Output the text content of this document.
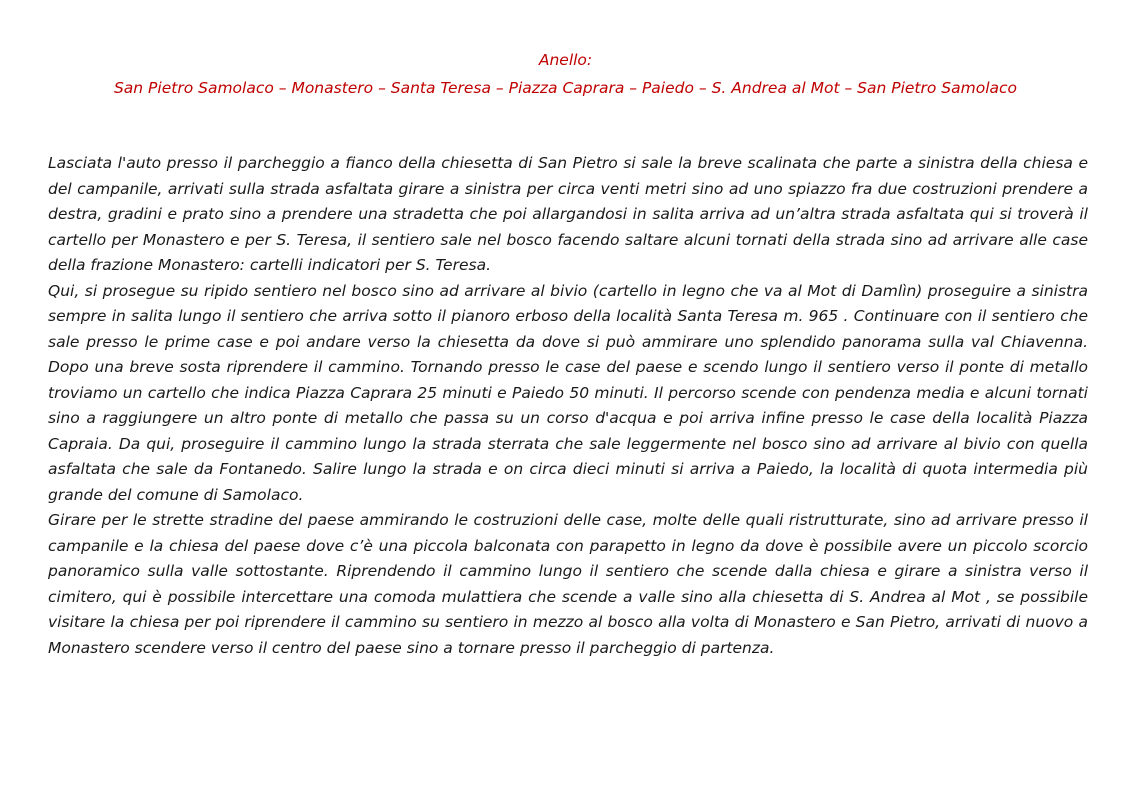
Anello:
San Pietro Samolaco – Monastero – Santa Teresa – Piazza Caprara – Paiedo – S. Andrea al Mot – San Pietro Samolaco

Lasciata l'auto presso il parcheggio a fianco della chiesetta di San Pietro si sale la breve scalinata che parte a sinistra della chiesa e del campanile, arrivati sulla strada asfaltata girare a sinistra per circa venti metri sino ad uno spiazzo fra due costruzioni prendere a destra, gradini e prato sino a prendere una stradetta che poi allargandosi in salita arriva ad un’altra strada asfaltata qui si troverà il cartello per Monastero e per S. Teresa, il sentiero sale nel bosco facendo saltare alcuni tornati della strada sino ad arrivare alle case della frazione Monastero: cartelli indicatori per S. Teresa.

Qui, si prosegue su ripido sentiero nel bosco sino ad arrivare al bivio (cartello in legno che va al Mot di Damlìn) proseguire a sinistra sempre in salita lungo il sentiero che arriva sotto il pianoro erboso della località Santa Teresa m. 965 . Continuare con il sentiero che sale presso le prime case e poi andare verso la chiesetta da dove si può ammirare uno splendido panorama sulla val Chiavenna. Dopo una breve sosta riprendere il cammino. Tornando presso le case del paese e scendo lungo il sentiero verso il ponte di metallo troviamo un cartello che indica Piazza Caprara 25 minuti e Paiedo 50 minuti. Il percorso scende con pendenza media e alcuni tornati sino a raggiungere un altro ponte di metallo che passa su un corso d'acqua e poi arriva infine presso le case della località Piazza Capraia. Da qui, proseguire il cammino lungo la strada sterrata che sale leggermente nel bosco sino ad arrivare al bivio con quella asfaltata che sale da Fontanedo. Salire lungo la strada e on circa dieci minuti si arriva a Paiedo, la località di quota intermedia più grande del comune di Samolaco.

Girare per le strette stradine del paese ammirando le costruzioni delle case, molte delle quali ristrutturate, sino ad arrivare presso il campanile e la chiesa del paese dove c’è una piccola balconata con parapetto in legno da dove è possibile avere un piccolo scorcio panoramico sulla valle sottostante. Riprendendo il cammino lungo il sentiero che scende dalla chiesa e girare a sinistra verso il cimitero, qui è possibile intercettare una comoda mulattiera che scende a valle sino alla chiesetta di S. Andrea al Mot , se possibile visitare la chiesa per poi riprendere il cammino su sentiero in mezzo al bosco alla volta di Monastero e San Pietro, arrivati di nuovo a Monastero scendere verso il centro del paese sino a tornare presso il parcheggio di partenza.
